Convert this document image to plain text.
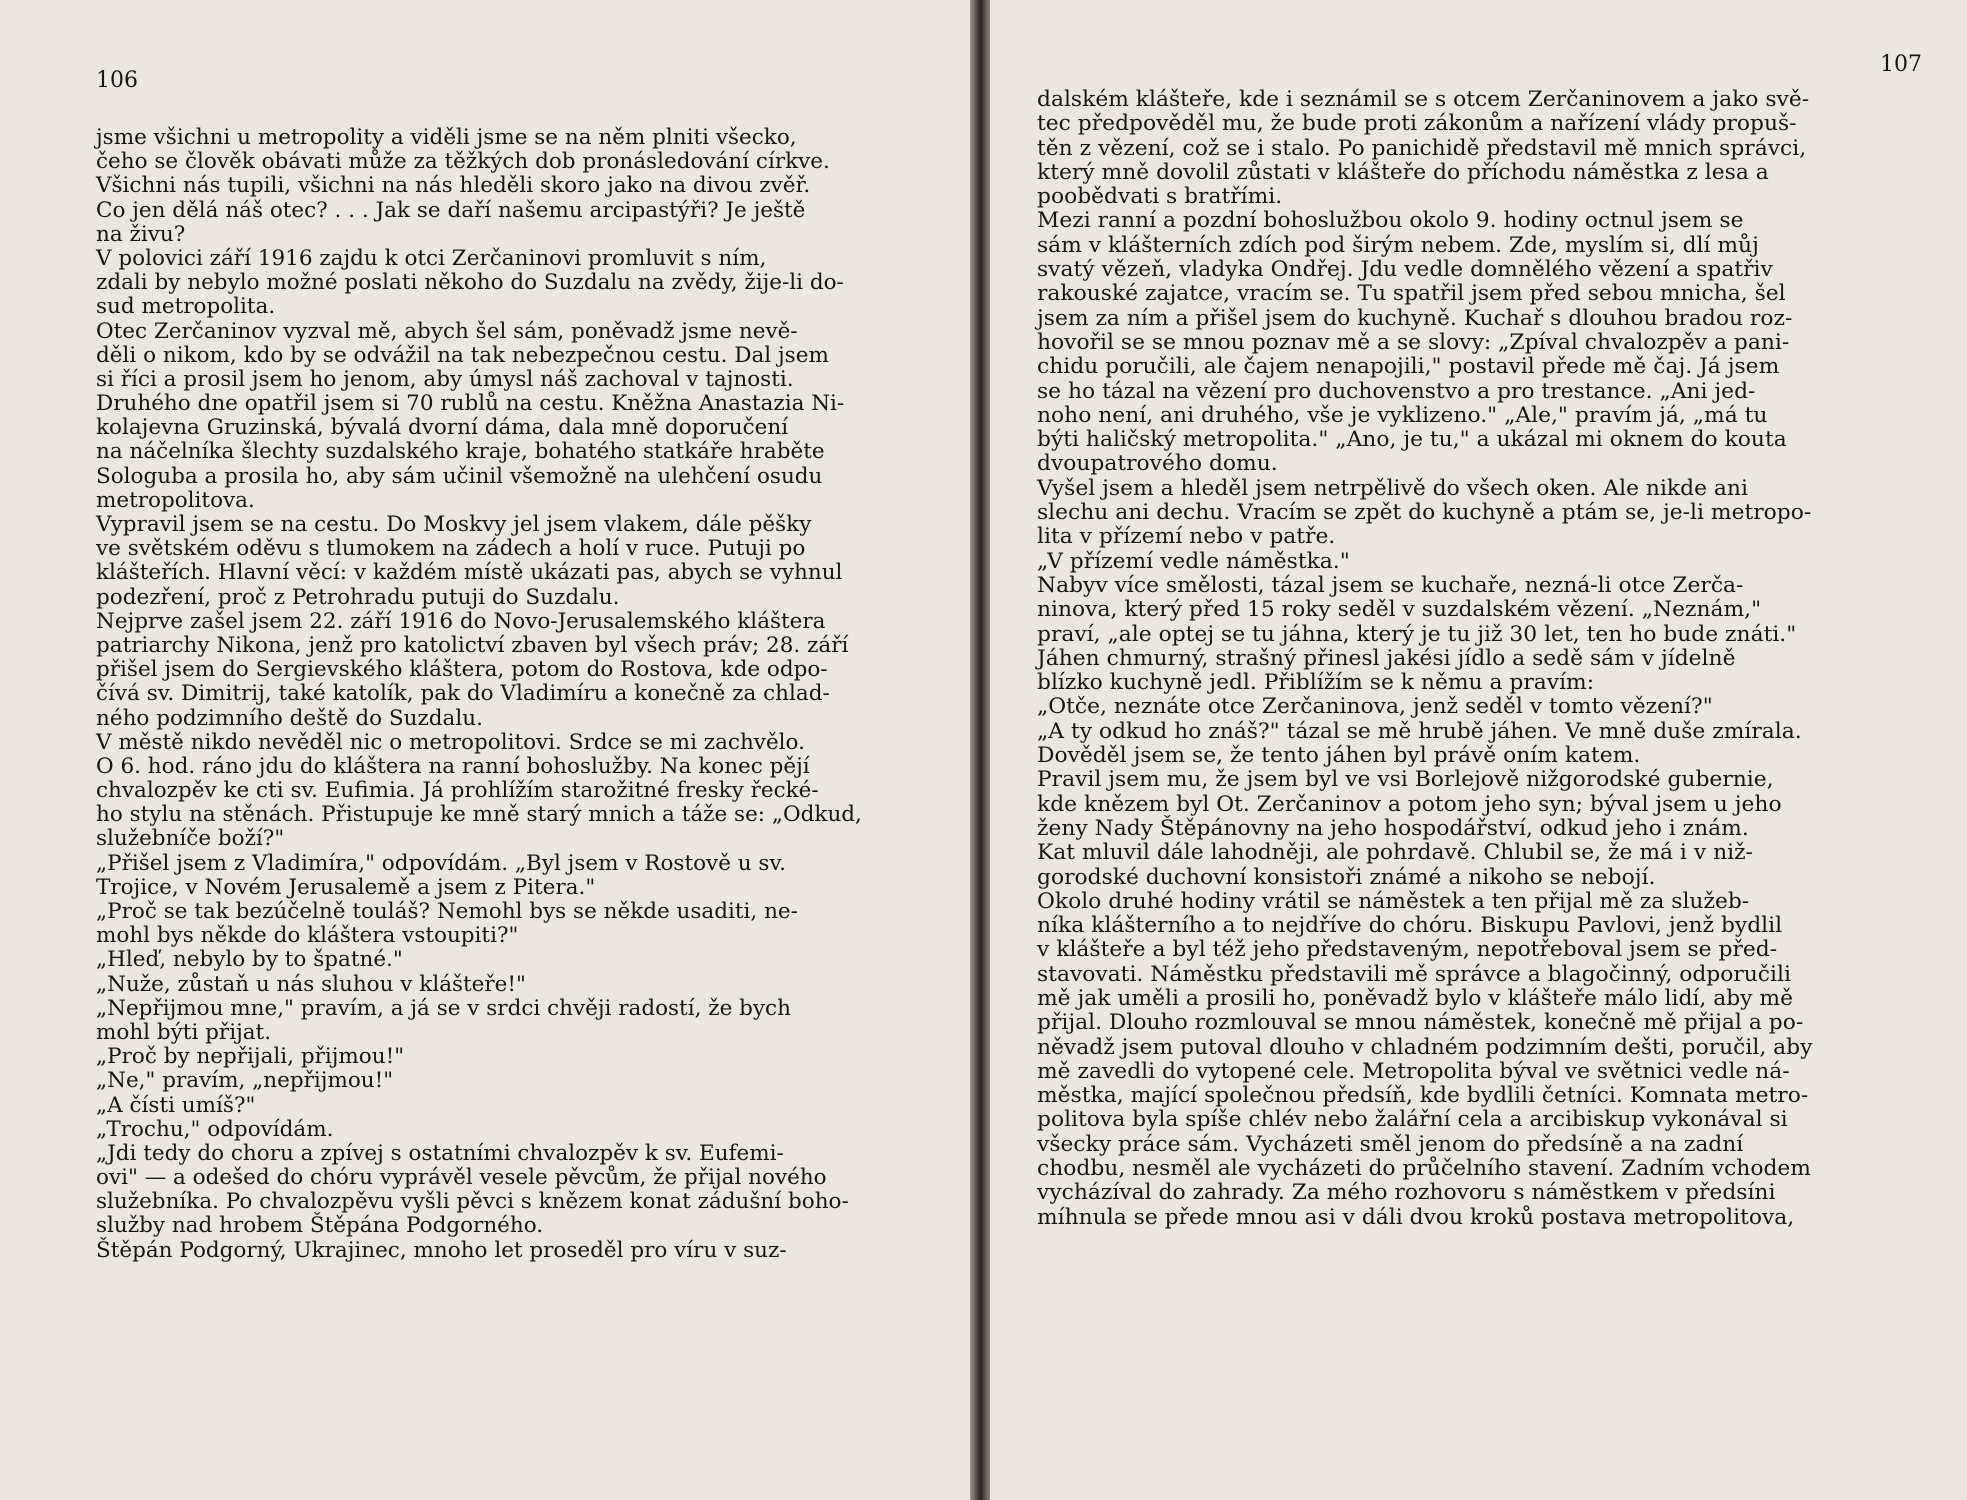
106
jsme všichni u metropolity a viděli jsme se na něm plniti všecko,
čeho se člověk obávati může za těžkých dob pronásledování církve.
Všichni nás tupili, všichni na nás hleděli skoro jako na divou zvěř.
Co jen dělá náš otec? . . . Jak se daří našemu arcipastýři? Je ještě
na živu?
V polovici září 1916 zajdu k otci Zerčaninovi promluvit s ním,
zdali by nebylo možné poslati někoho do Suzdalu na zvědy, žije-li do-
sud metropolita.
Otec Zerčaninov vyzval mě, abych šel sám, poněvadž jsme nevě-
děli o nikom, kdo by se odvážil na tak nebezpečnou cestu. Dal jsem
si říci a prosil jsem ho jenom, aby úmysl náš zachoval v tajnosti.
Druhého dne opatřil jsem si 70 rublů na cestu. Kněžna Anastazia Ni-
kolajevna Gruzinská, bývalá dvorní dáma, dala mně doporučení
na náčelníka šlechty suzdalského kraje, bohatého statkáře hraběte
Sologuba a prosila ho, aby sám učinil všemožně na ulehčení osudu
metropolitova.
Vypravil jsem se na cestu. Do Moskvy jel jsem vlakem, dále pěšky
ve světském oděvu s tlumokem na zádech a holí v ruce. Putuji po
klášteřích. Hlavní věcí: v každém místě ukázati pas, abych se vyhnul
podezření, proč z Petrohradu putuji do Suzdalu.
Nejprve zašel jsem 22. září 1916 do Novo-Jerusalemského kláštera
patriarchy Nikona, jenž pro katolictví zbaven byl všech práv; 28. září
přišel jsem do Sergievského kláštera, potom do Rostova, kde odpo-
čívá sv. Dimitrij, také katolík, pak do Vladimíru a konečně za chlad-
ného podzimního deště do Suzdalu.
V městě nikdo nevěděl nic o metropolitovi. Srdce se mi zachvělo.
O 6. hod. ráno jdu do kláštera na ranní bohoslužby. Na konec pějí
chvalozpěv ke cti sv. Eufimia. Já prohlížím starožitné fresky řecké-
ho stylu na stěnách. Přistupuje ke mně starý mnich a táže se: „Odkud,
služebníče boží?"
„Přišel jsem z Vladimíra," odpovídám. „Byl jsem v Rostově u sv.
Trojice, v Novém Jerusalemě a jsem z Pitera."
„Proč se tak bezúčelně touláš? Nemohl bys se někde usaditi, ne-
mohl bys někde do kláštera vstoupiti?"
„Hleď, nebylo by to špatné."
„Nuže, zůstaň u nás sluhou v klášteře!"
„Nepřijmou mne," pravím, a já se v srdci chvěji radostí, že bych
mohl býti přijat.
„Proč by nepřijali, přijmou!"
„Ne," pravím, „nepřijmou!"
„A čísti umíš?"
„Trochu," odpovídám.
„Jdi tedy do choru a zpívej s ostatními chvalozpěv k sv. Eufemi-
ovi" — a odešed do chóru vyprávěl vesele pěvcům, že přijal nového
služebníka. Po chvalozpěvu vyšli pěvci s knězem konat zádušní boho-
služby nad hrobem Štěpána Podgorného.
Štěpán Podgorný, Ukrajinec, mnoho let proseděl pro víru v suz-
107
dalském klášteře, kde i seznámil se s otcem Zerčaninovem a jako svě-
tec předpověděl mu, že bude proti zákonům a nařízení vlády propuš-
těn z vězení, což se i stalo. Po panichidě představil mě mnich správci,
který mně dovolil zůstati v klášteře do příchodu náměstka z lesa a
poobědvati s bratřími.
Mezi ranní a pozdní bohoslužbou okolo 9. hodiny octnul jsem se
sám v klášterních zdích pod širým nebem. Zde, myslím si, dlí můj
svatý vězeň, vladyka Ondřej. Jdu vedle domnělého vězení a spatřiv
rakouské zajatce, vracím se. Tu spatřil jsem před sebou mnicha, šel
jsem za ním a přišel jsem do kuchyně. Kuchař s dlouhou bradou roz-
hovořil se se mnou poznav mě a se slovy: „Zpíval chvalozpěv a pani-
chidu poručili, ale čajem nenapojili," postavil přede mě čaj. Já jsem
se ho tázal na vězení pro duchovenstvo a pro trestance. „Ani jed-
noho není, ani druhého, vše je vyklizeno." „Ale," pravím já, „má tu
býti haličský metropolita." „Ano, je tu," a ukázal mi oknem do kouta
dvoupatrového domu.
Vyšel jsem a hleděl jsem netrpělivě do všech oken. Ale nikde ani
slechu ani dechu. Vracím se zpět do kuchyně a ptám se, je-li metropo-
lita v přízemí nebo v patře.
„V přízemí vedle náměstka."
Nabyv více smělosti, tázal jsem se kuchaře, nezná-li otce Zerča-
ninova, který před 15 roky seděl v suzdalském vězení. „Neznám,"
praví, „ale optej se tu jáhna, který je tu již 30 let, ten ho bude znáti."
Jáhen chmurný, strašný přinesl jakési jídlo a sedě sám v jídelně
blízko kuchyně jedl. Přiblížím se k němu a pravím:
„Otče, neznáte otce Zerčaninova, jenž seděl v tomto vězení?"
„A ty odkud ho znáš?" tázal se mě hrubě jáhen. Ve mně duše zmírala.
Dověděl jsem se, že tento jáhen byl právě oním katem.
Pravil jsem mu, že jsem byl ve vsi Borlejově nižgorodské gubernie,
kde knězem byl Ot. Zerčaninov a potom jeho syn; býval jsem u jeho
ženy Nady Štěpánovny na jeho hospodářství, odkud jeho i znám.
Kat mluvil dále lahodněji, ale pohrdavě. Chlubil se, že má i v niž-
gorodské duchovní konsistoři známé a nikoho se nebojí.
Okolo druhé hodiny vrátil se náměstek a ten přijal mě za služeb-
níka klášterního a to nejdříve do chóru. Biskupu Pavlovi, jenž bydlil
v klášteře a byl též jeho představeným, nepotřeboval jsem se před-
stavovati. Náměstku představili mě správce a blagočinný, odporučili
mě jak uměli a prosili ho, poněvadž bylo v klášteře málo lidí, aby mě
přijal. Dlouho rozmlouval se mnou náměstek, konečně mě přijal a po-
něvadž jsem putoval dlouho v chladném podzimním dešti, poručil, aby
mě zavedli do vytopené cele. Metropolita býval ve světnici vedle ná-
městka, mající společnou předsíň, kde bydlili četníci. Komnata metro-
politova byla spíše chlév nebo žalářní cela a arcibiskup vykonával si
všecky práce sám. Vycházeti směl jenom do předsíně a na zadní
chodbu, nesměl ale vycházeti do průčelního stavení. Zadním vchodem
vycházíval do zahrady. Za mého rozhovoru s náměstkem v předsíni
míhnula se přede mnou asi v dáli dvou kroků postava metropolitova,
